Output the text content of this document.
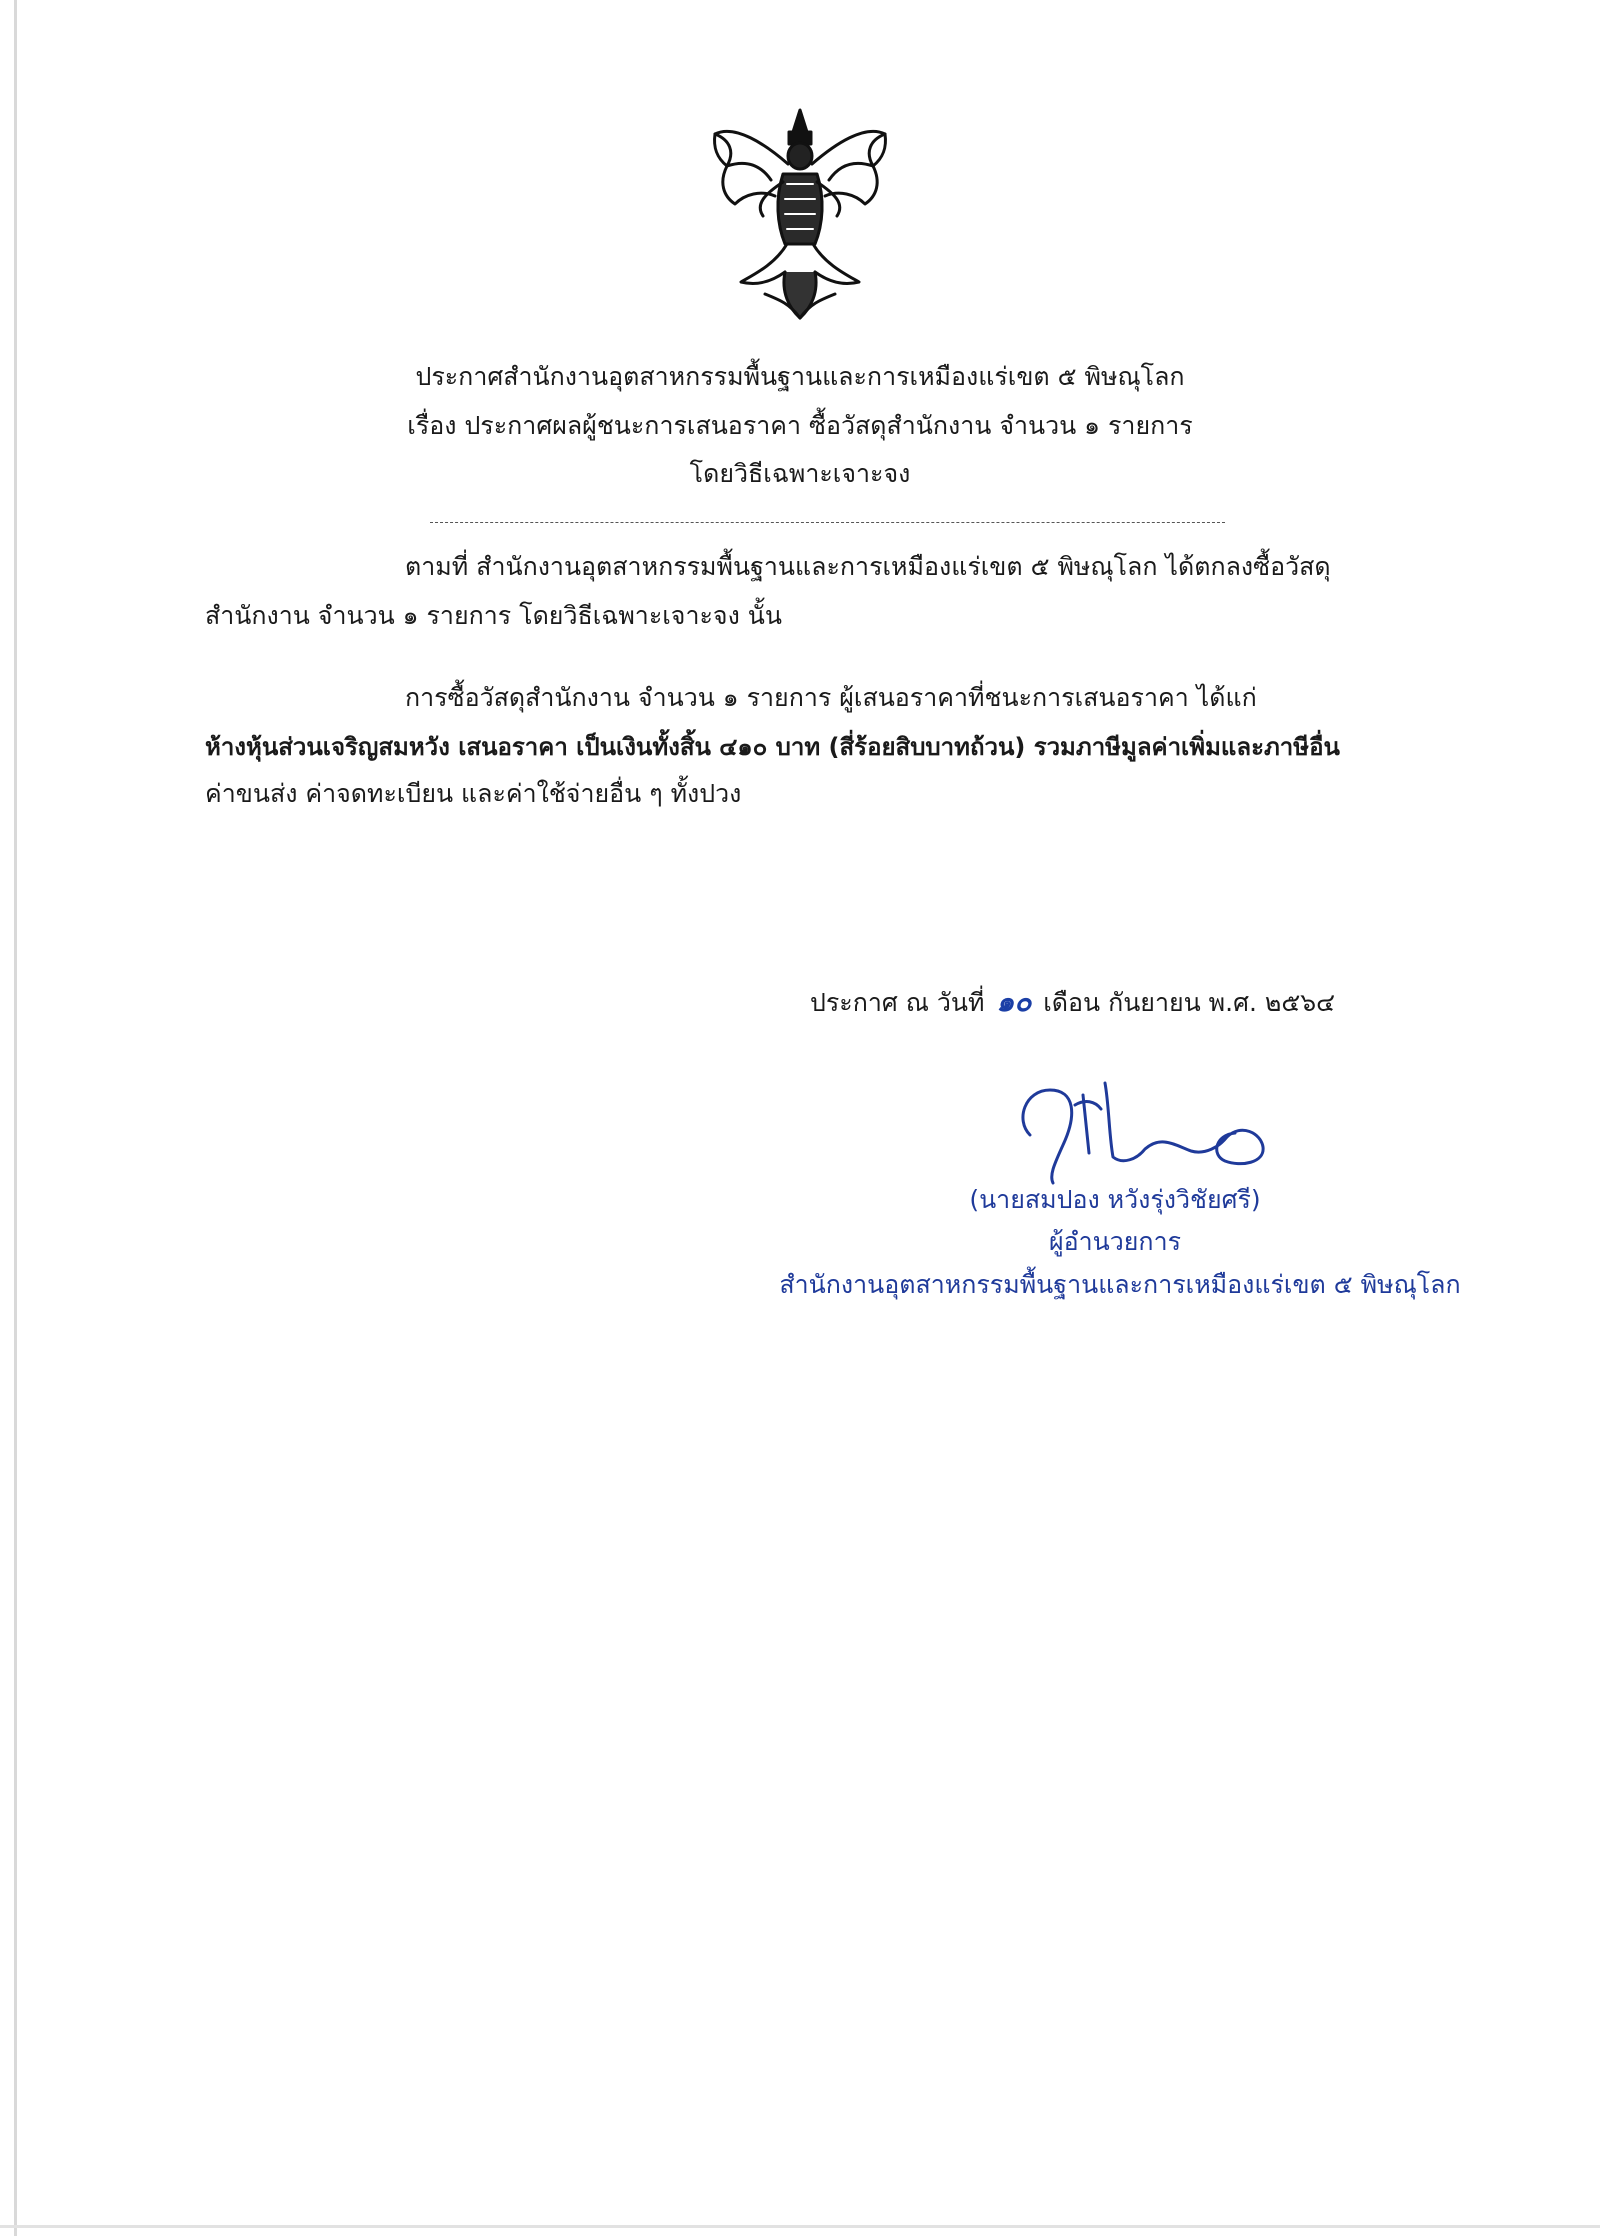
ประกาศสำนักงานอุตสาหกรรมพื้นฐานและการเหมืองแร่เขต ๕ พิษณุโลก
เรื่อง ประกาศผลผู้ชนะการเสนอราคา ซื้อวัสดุสำนักงาน จำนวน ๑ รายการ
โดยวิธีเฉพาะเจาะจง
ตามที่ สำนักงานอุตสาหกรรมพื้นฐานและการเหมืองแร่เขต ๕ พิษณุโลก ได้ตกลงซื้อวัสดุ
สำนักงาน จำนวน ๑ รายการ โดยวิธีเฉพาะเจาะจง นั้น
การซื้อวัสดุสำนักงาน จำนวน ๑ รายการ ผู้เสนอราคาที่ชนะการเสนอราคา ได้แก่
ห้างหุ้นส่วนเจริญสมหวัง เสนอราคา เป็นเงินทั้งสิ้น ๔๑๐ บาท (สี่ร้อยสิบบาทถ้วน) รวมภาษีมูลค่าเพิ่มและภาษีอื่น
ค่าขนส่ง ค่าจดทะเบียน และค่าใช้จ่ายอื่น ๆ ทั้งปวง
ประกาศ ณ วันที่ ๑๐ เดือน กันยายน พ.ศ. ๒๕๖๔
(นายสมปอง หวังรุ่งวิชัยศรี)
ผู้อำนวยการ
สำนักงานอุตสาหกรรมพื้นฐานและการเหมืองแร่เขต ๕ พิษณุโลก
